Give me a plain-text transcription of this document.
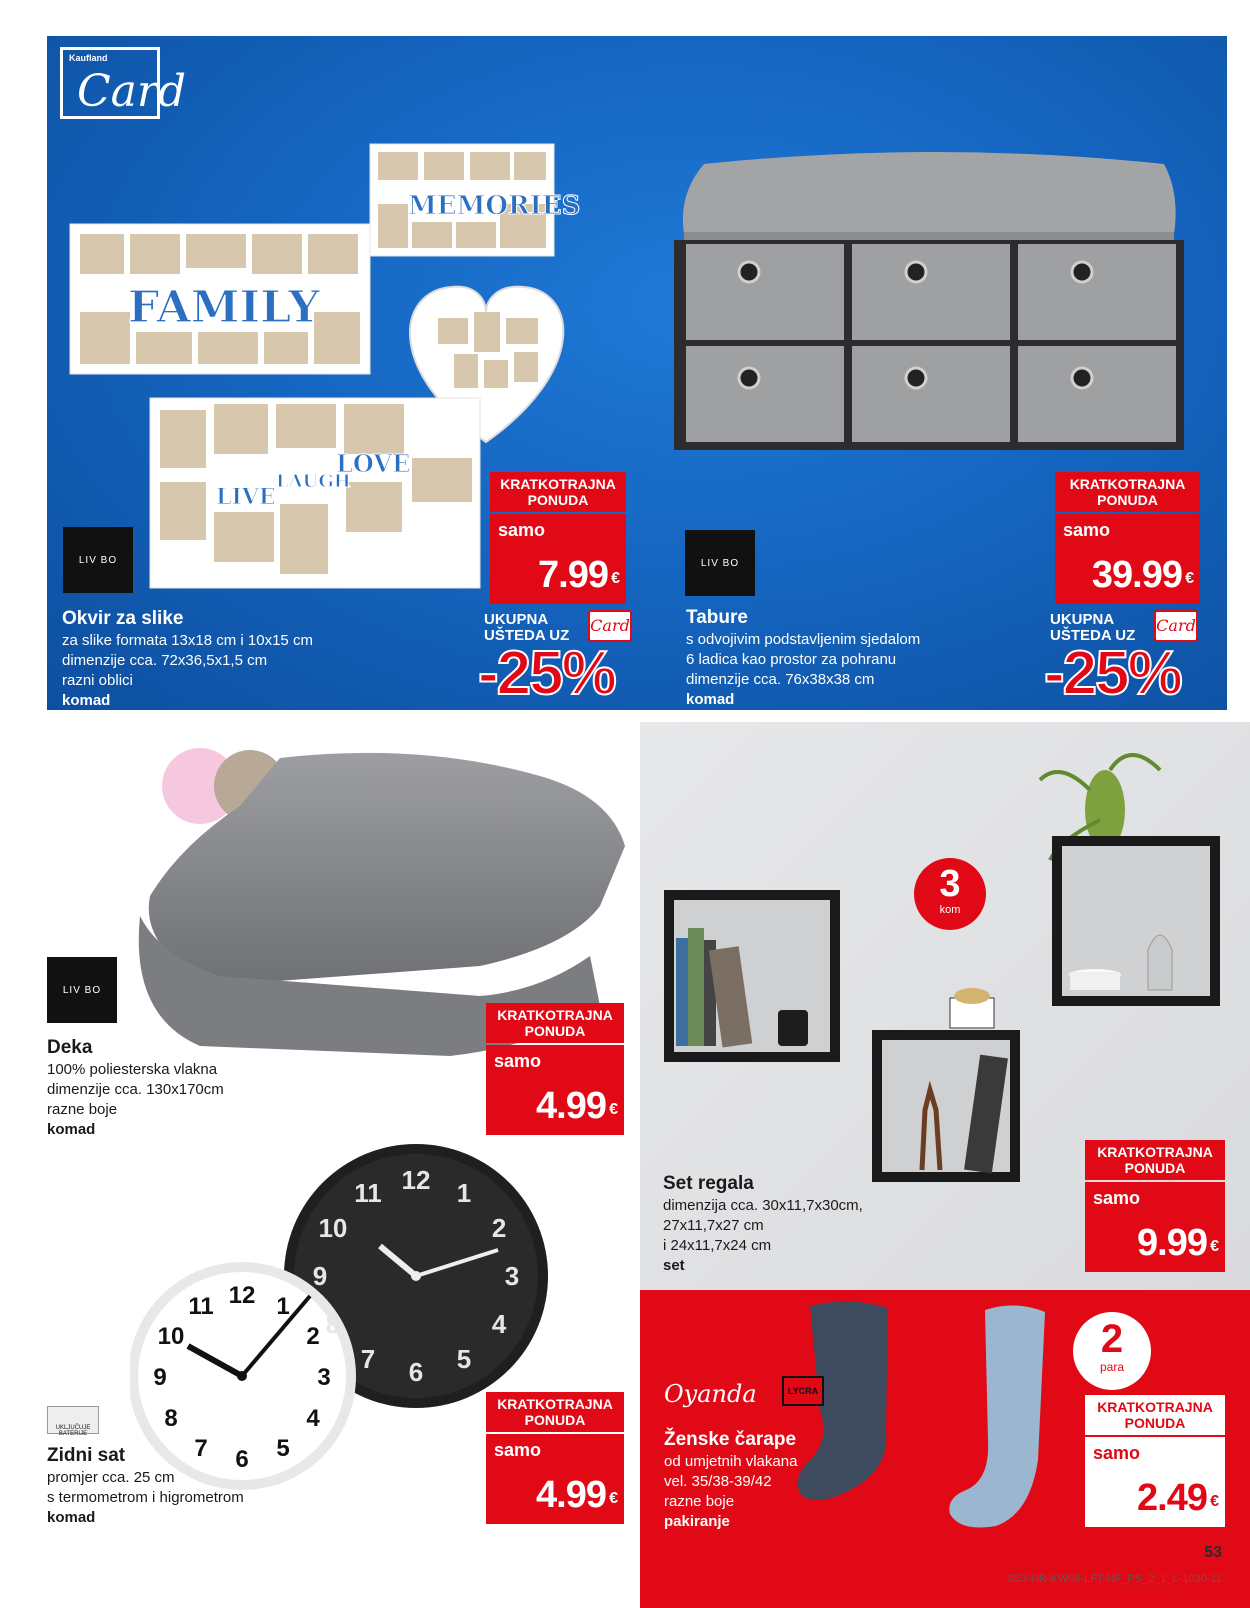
Kaufland
Card
FAMILY
MEMORIES
LOVE
LIVE
LAUGH
LIV BO
Okvir za slike
za slike formata 13x18 cm i 10x15 cm
dimenzije cca. 72x36,5x1,5 cm
razni oblici
komad
KRATKOTRAJNA
PONUDA
samo
7.99 €
UKUPNA
UŠTEDA UZ
Card
-25%
LIV BO
Tabure
s odvojivim podstavljenim sjedalom
6 ladica kao prostor za pohranu
dimenzije cca. 76x38x38 cm
komad
KRATKOTRAJNA
PONUDA
samo
39.99 €
UKUPNA
UŠTEDA UZ
Card
-25%
LIV BO
Deka
100% poliesterska vlakna
dimenzije cca. 130x170cm
razne boje
komad
KRATKOTRAJNA
PONUDA
samo
4.99 €
12 1
2
3
4
5
6
7
8
9
10
11
12 1
2
3
4
5
6
7
8
9
10
11
UKLJUČUJE BATERIJE
Zidni sat
promjer cca. 25 cm
s termometrom i higrometrom
komad
KRATKOTRAJNA
PONUDA
samo
4.99 €
3
kom
Set regala
dimenzija cca. 30x11,7x30cm,
27x11,7x27 cm
i 24x11,7x24 cm
set
KRATKOTRAJNA
PONUDA
samo
9.99 €
2
para
Oyanda	LYCRA
Ženske čarape
od umjetnih vlakana
vel. 35/38-39/42
razne boje
pakiranje
KRATKOTRAJNA
PONUDA
samo
2.49 €
53
S53-HR-KW04-LFT-NF_PS_2_1_L-1030-11
